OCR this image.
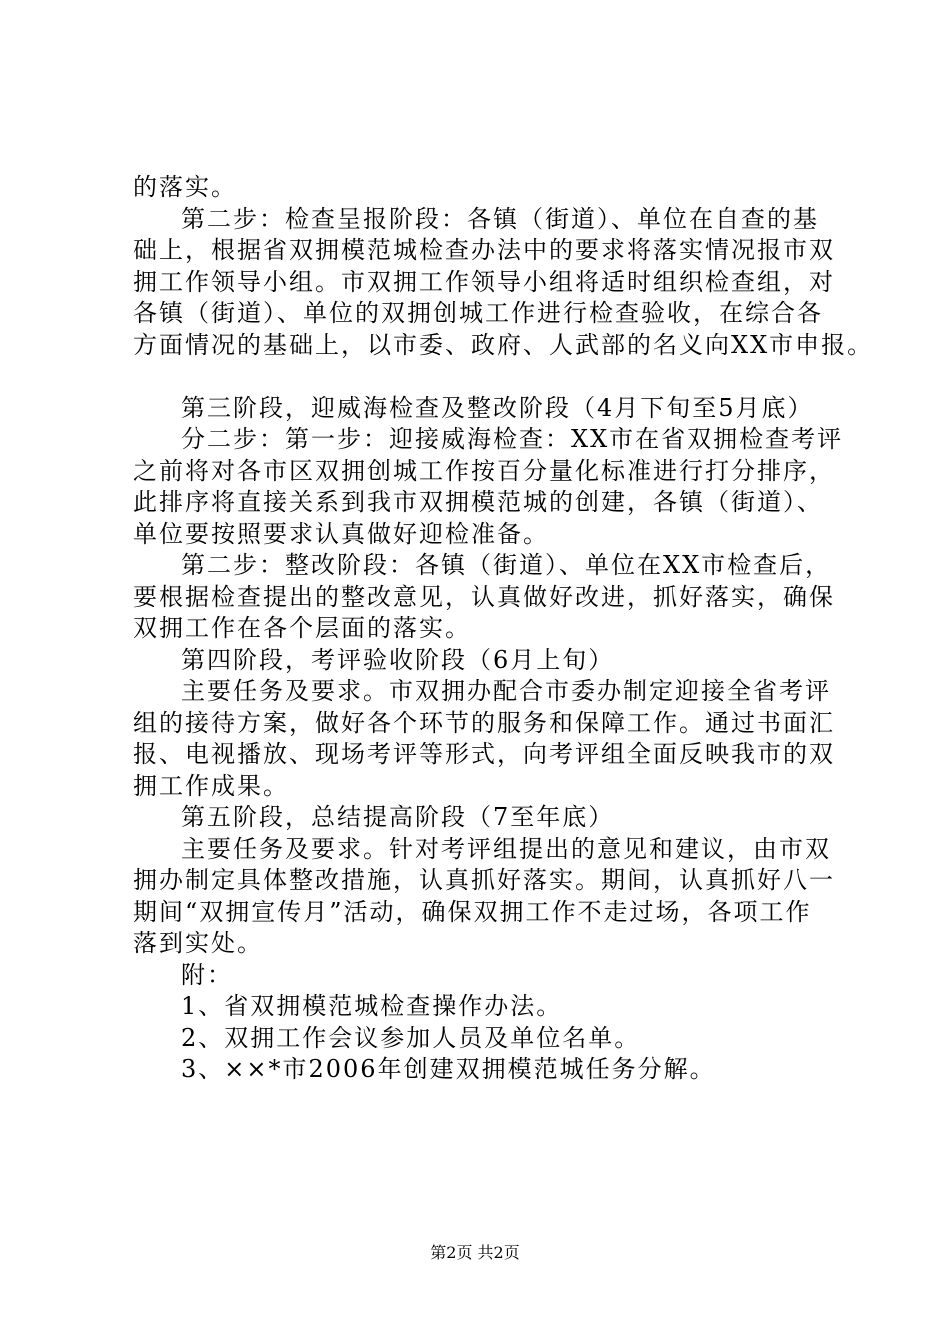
的落实。

第二步：检查呈报阶段：各镇（街道）、单位在自查的基

础上，根据省双拥模范城检查办法中的要求将落实情况报市双

拥工作领导小组。市双拥工作领导小组将适时组织检查组，对

各镇（街道）、单位的双拥创城工作进行检查验收，在综合各

方面情况的基础上，以市委、政府、人武部的名义向XX市申报。

第三阶段，迎威海检查及整改阶段（4月下旬至5月底）

分二步：第一步：迎接威海检查：XX市在省双拥检查考评

之前将对各市区双拥创城工作按百分量化标准进行打分排序，

此排序将直接关系到我市双拥模范城的创建，各镇（街道）、

单位要按照要求认真做好迎检准备。

第二步：整改阶段：各镇（街道）、单位在XX市检查后，

要根据检查提出的整改意见，认真做好改进，抓好落实，确保

双拥工作在各个层面的落实。

第四阶段，考评验收阶段（6月上旬）

主要任务及要求。市双拥办配合市委办制定迎接全省考评

组的接待方案，做好各个环节的服务和保障工作。通过书面汇

报、电视播放、现场考评等形式，向考评组全面反映我市的双

拥工作成果。

第五阶段，总结提高阶段（7至年底）

主要任务及要求。针对考评组提出的意见和建议，由市双

拥办制定具体整改措施，认真抓好落实。期间，认真抓好八一

期间“双拥宣传月”活动，确保双拥工作不走过场，各项工作

落到实处。

附：

1、省双拥模范城检查操作办法。

2、双拥工作会议参加人员及单位名单。

3、××*市2006年创建双拥模范城任务分解。

第2页 共2页
